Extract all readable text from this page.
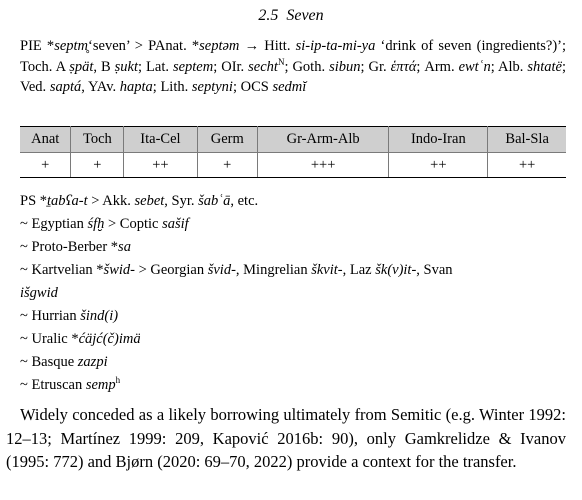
2.5 Seven
PIE *septm̥‘seven’ > PAnat. *septəm → Hitt. si-ip-ta-mi-ya ‘drink of seven (ingredients?)’; Toch. A ṣpät, B ṣukt; Lat. septem; OIr. secht$^N$; Goth. sibun; Gr. ἑπτά; Arm. ewtʿn; Alb. shtatë; Ved. saptá, YAv. hapta; Lith. septyni; OCS sedmĭ
Anat	Toch	Ita-Cel	Germ	Gr-Arm-Alb	Indo-Iran	Bal-Sla
+	+	++	+	+++	++	++
PS *ṯabʕa-t > Akk. sebet, Syr. šabʿā, etc.
~ Egyptian śfḫ > Coptic sašif
~ Proto-Berber *sa
~ Kartvelian *šwid- > Georgian švid-, Mingrelian škvit-, Laz šk(v)it-, Svan
išgwid
~ Hurrian šind(i)
~ Uralic *ćäjć(č)imä
~ Basque zazpi
~ Etruscan semp$^h$
Widely conceded as a likely borrowing ultimately from Semitic (e.g. Winter 1992: 12–13; Martínez 1999: 209, Kapović 2016b: 90), only Gamkrelidze & Ivanov (1995: 772) and Bjørn (2020: 69–70, 2022) provide a context for the transfer.
